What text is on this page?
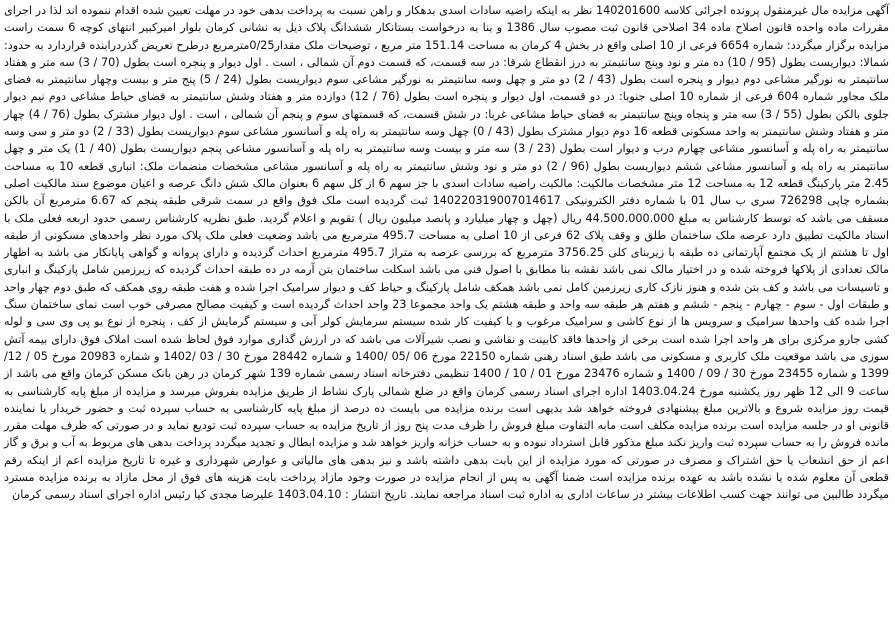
آگهی مزایده مال غیرمنقول پرونده اجرائی کلاسه 140201600 نظر به اینکه راضیه سادات اسدی بدهکار و راهن نسبت به پرداخت بدهی خود در مهلت تعیین شده اقدام ننموده اند لذا در اجرای مقررات ماده واحده قانون اصلاح ماده 34 اصلاحی قانون ثبت مصوب سال 1386 و بنا به درخواست بستانکار ششدانگ پلاک ذیل به نشانی کرمان بلوار امیرکبیر انتهای کوچه 6 سمت راست مزایده برگزار میگردد: شماره 6654 فرعی از 10 اصلی واقع در بخش 4 کرمان به مساحت 151.14 متر مربع ، توضیحات ملک مقدار0/25مترمربع درطرح تعریض گذردرابنده قراردارد به حدود: شمالا: دیواریست بطول (95 / 10) ده متر و نود وپنج سانتیمتر به درز انقطاع شرقا: در سه قسمت، که قسمت دوم آن شمالی ، است . اول دیوار و پنجره است بطول (70 / 3) سه متر و هفتاد سانتیمتر به نورگیر مشاعی دوم دیوار و پنجره است بطول (43 / 2) دو متر و چهل وسه سانتیمتر به نورگیر مشاعی سوم دیواریست بطول (24 / 5) پنج متر و بیست وچهار سانتیمتر به فضای ملک مجاور شماره 604 فرعی از شماره 10 اصلی جنوبا: در دو قسمت، اول دیوار و پنجره است بطول (76 / 12) دوازده متر و هفتاد وشش سانتیمتر به فضای حیاط مشاعی دوم نیم دیوار جلوی بالکن بطول (55 / 3) سه متر و پنجاه وپنج سانتیمتر به فضای حیاط مشاعی غربا: در شش قسمت، که قسمتهای سوم و پنجم آن شمالی ، است . اول دیوار مشترک بطول (76 / 4) چهار متر و هفتاد وشش سانتیمتر به واحد مسکونی قطعه 16 دوم دیوار مشترک بطول (43 / 0) چهل وسه سانتیمتر به راه پله و آسانسور مشاعی سوم دیواریست بطول (33 / 2) دو متر و سی وسه سانتیمتر به راه پله و آسانسور مشاعی چهارم درب و دیوار است بطول (23 / 3) سه متر و بیست وسه سانتیمتر به راه پله و آسانسور مشاعی پنجم دیواریست بطول (40 / 1) یک متر و چهل سانتیمتر به راه پله و آسانسور مشاعی ششم دیواریست بطول (96 / 2) دو متر و نود وشش سانتیمتر به راه پله و آسانسور مشاعی مشخصات منضمات ملک: انباری قطعه 10 به مساحت 2.45 متر پارکینگ قطعه 12 به مساحت 12 متر مشخصات مالکیت: مالکیت راضیه سادات اسدی با جز سهم 6 از کل سهم 6 بعنوان مالک شش دانگ عرصه و اعیان موضوع سند مالکیت اصلی بشماره چاپی 726298 سری ب سال 01 با شماره دفتر الکترونیکی 140220319007014617 ثبت گردیده است ملک فوق واقع در سمت شرقی طبقه پنجم که 6.67 مترمربع آن بالکن مسقف می باشد که توسط کارشناس به مبلغ 44.500.000.000 ریال (چهل و چهار میلیارد و پانصد میلیون ریال ) تقویم و اعلام گردید. طبق نظریه کارشناس رسمی حدود اربعه فعلی ملک با اسناد مالکیت تطبیق دارد عرصه ملک ساختمان طلق و وقف پلاک 62 فرعی از 10 اصلی به مساحت 495.7 مترمربع می باشد وضعیت فعلی ملک پلاک مورد نظر واحدهای مسکونی از طبقه اول تا هشتم از یک مجتمع آپارتمانی ده طبقه با زیربنای کلی 3756.25 مترمربع که بررسی عرصه به متراژ 495.7 مترمربع احداث گردیده و دارای پروانه و گواهی پایانکار می باشد به اظهار مالک تعدادی از پلاکها فروخته شده و در اختیار مالک نمی باشد نقشه بنا مطابق با اصول فنی می باشد اسکلت ساختمان بتن آرمه در ده طبقه احداث گردیده که زیرزمین شامل پارکینگ و انباری و تاسیسات می باشد و کف بتن شده و هنوز نازک کاری زیرزمین کامل نمی باشد همکف شامل پارکینگ و حیاط کف و دیوار سرامیک اجرا شده و هفت طبقه روی همکف که طبق دوم چهار واحد و طبقات اول - سوم - چهارم - پنجم - ششم و هفتم هر طبقه سه واحد و طبقه هشتم یک واحد مجموعا 23 واحد احداث گردیده است و کیفیت مصالح مصرفی خوب است نمای ساختمان سنگ اجرا شده کف واحدها سرامیک و سرویس ها از نوع کاشی و سرامیک مرغوب و با کیفیت کار شده سیستم سرمایش کولر آبی و سیستم گرمایش از کف ، پنجره از نوع یو پی وی سی و لوله کشی جارو مرکزی برای هر واحد اجرا شده است برخی از واحدها فاقد کابینت و نقاشی و نصب شیرآلات می باشد که در ارزش گذاری موارد فوق لحاظ شده است املاک فوق دارای بیمه آتش سوزی می باشد موقعیت ملک کاربری و مسکونی می باشد طبق اسناد رهنی شماره 22150 مورخ 06 /05 /1400 و شماره 28442 مورخ 30 / 03 /1402 و شماره 20983 مورخ 05 / 12/ 1399 و شماره 23455 مورخ 30 / 09 / 1400 و شماره 23476 مورخ 01 / 10 / 1400 تنظیمی دفترخانه اسناد رسمی شماره 139 شهر کرمان در رهن بانک مسکن کرمان واقع می باشد از ساعت 9 الی 12 ظهر روز یکشنبه مورخ 1403.04.24 اداره اجرای اسناد رسمی کرمان واقع در ضلع شمالی پارک نشاط از طریق مزایده بفروش میرسد و مزایده از مبلغ پایه کارشناسی به قیمت روز مزایده شروع و بالاترین مبلغ پیشنهادی فروخته خواهد شد بدیهی است برنده مزایده می بایست ده درصد از مبلغ پایه کارشناسی به حساب سپرده ثبت و حضور خریدار یا نماینده قانونی او در جلسه مزایده است برنده مزایده مکلف است مابه التفاوت مبلغ فروش را ظرف مدت پنج روز از تاریخ مزایده به حساب سپرده ثبت تودیع نماید و در صورتی که ظرف مهلت مقرر مانده فروش را به حساب سپرده ثبت واریز نکند مبلغ مذکور قابل استرداد نبوده و به حساب خزانه واریز خواهد شد و مزایده ابطال و تجدید میگردد پرداخت بدهی های مربوط به آب و برق و گاز اعم از حق انشعاب یا حق اشتراک و مصرف در صورتی که مورد مزایده از این بابت بدهی داشته باشد و نیز بدهی های مالیاتی و عوارض شهرداری و غیره تا تاریخ مزایده اعم از اینکه رقم قطعی آن معلوم شده یا نشده باشد به عهده برنده مزایده است ضمنا آگهی به پس از انجام مزایده در صورت وجود مازاد پرداخت بابت هزینه های فوق از محل مازاد به برنده مزایده مسترد میگردد طالبین می توانند جهت کسب اطلاعات بیشتر در ساعات اداری به اداره ثبت اسناد مراجعه نمایند. تاریخ انتشار : 1403.04.10 علیرضا مجدی کیا رئیس اداره اجرای اسناد رسمی کرمان
